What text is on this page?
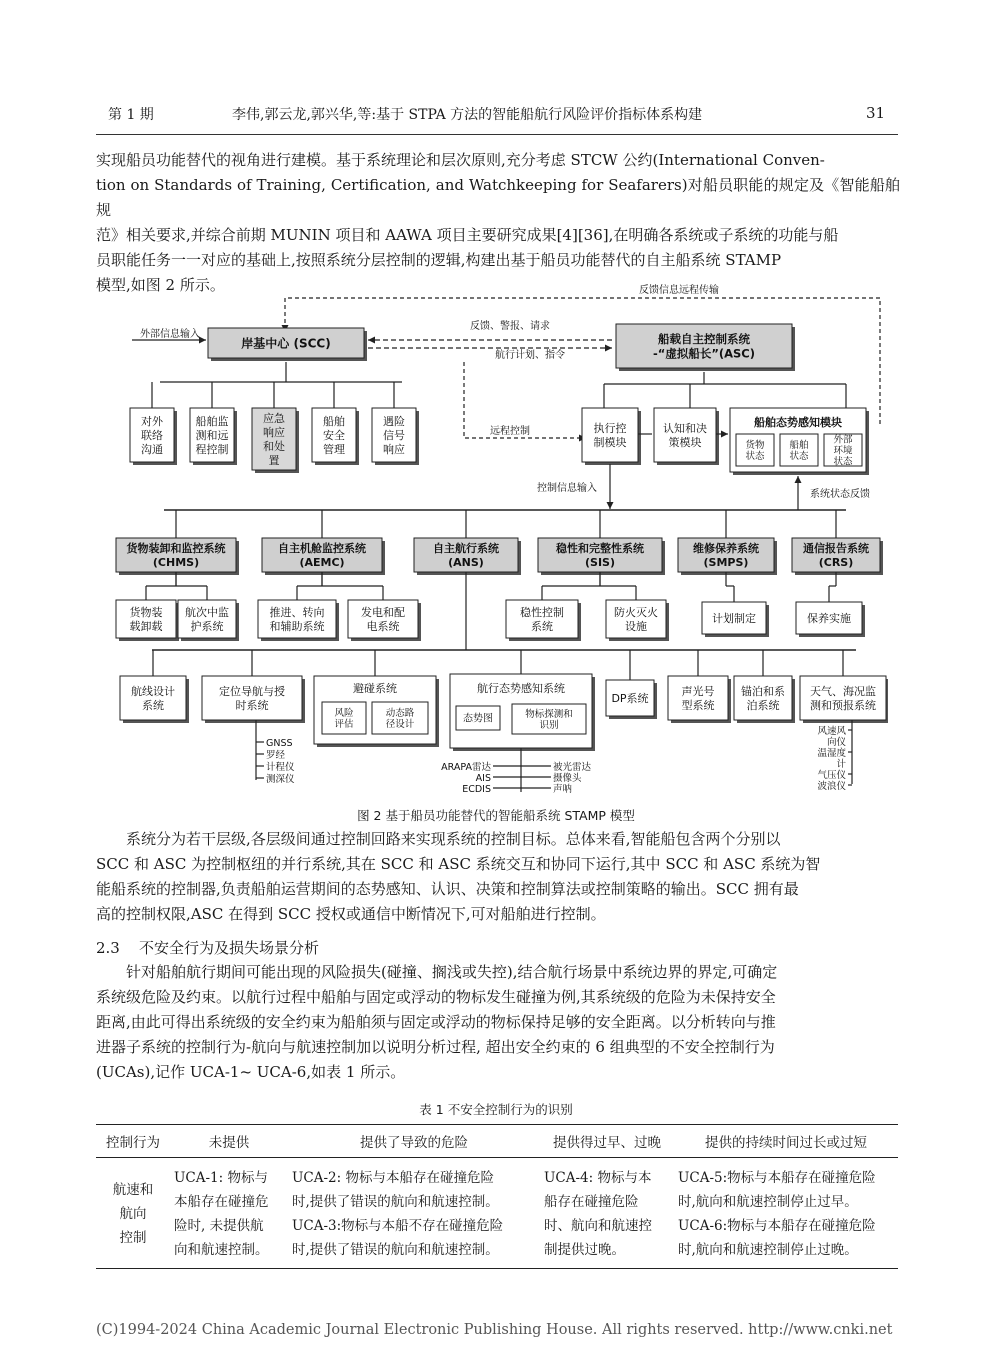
第 1 期	李伟,郭云龙,郭兴华,等:基于 STPA 方法的智能船航行风险评价指标体系构建	31

实现船员功能替代的视角进行建模。基于系统理论和层次原则,充分考虑 STCW 公约(International Conven-

tion on Standards of Training, Certification, and Watchkeeping for Seafarers)对船员职能的规定及《智能船舶规

范》相关要求,并综合前期 MUNIN 项目和 AAWA 项目主要研究成果[4][36],在明确各系统或子系统的功能与船

员职能任务一一对应的基础上,按照系统分层控制的逻辑,构建出基于船员功能替代的自主船系统 STAMP

模型,如图 2 所示。	反馈信息远程传输
外部信息输入
岸基中心 (SCC)	船载自主控制系统
-“虚拟船长”(ASC)
反馈、警报、请求
航行计划、指令
远程控制
对外
联络
沟通
船舶监
测和远
程控制
应急
响应
和处
置
船舶
安全
管理
遇险
信号
响应
执行控
制模块
认知和决
策模块
船舶态势感知模块
货物
状态
船舶
状态
外部
环境
状态
控制信息输入
系统状态反馈
货物装卸和监控系统
(CHMS)
自主机舱监控系统
(AEMC)
自主航行系统
(ANS)
稳性和完整性系统
(SIS)
维修保养系统
(SMPS)
通信报告系统
(CRS)
货物装
载卸载
航次中监
护系统
推进、转向
和辅助系统
发电和配
电系统
稳性控制
系统
防火灭火
设施
计划制定	保养实施
航线设计
系统
定位导航与授
时系统
避碰系统
风险
评估
动态路
径设计
航行态势感知系统
态势图	物标探测和
识别
DP系统
声光号
型系统
锚泊和系
泊系统
天气、海况监
测和预报系统
GNSS
罗经
计程仪
测深仪
ARAPA雷达
AIS
ECDIS
被光雷达
摄像头
声呐
风速风
向仪
温湿度
计
气压仪
波浪仪
图 2 基于船员功能替代的智能船系统 STAMP 模型

系统分为若干层级,各层级间通过控制回路来实现系统的控制目标。总体来看,智能船包含两个分别以

SCC 和 ASC 为控制枢纽的并行系统,其在 SCC 和 ASC 系统交互和协同下运行,其中 SCC 和 ASC 系统为智

能船系统的控制器,负责船舶运营期间的态势感知、认识、决策和控制算法或控制策略的输出。SCC 拥有最

高的控制权限,ASC 在得到 SCC 授权或通信中断情况下,可对船舶进行控制。

2.3 不安全行为及损失场景分析

针对船舶航行期间可能出现的风险损失(碰撞、搁浅或失控),结合航行场景中系统边界的界定,可确定

系统级危险及约束。以航行过程中船舶与固定或浮动的物标发生碰撞为例,其系统级的危险为未保持安全

距离,由此可得出系统级的安全约束为船舶须与固定或浮动的物标保持足够的安全距离。以分析转向与推

进器子系统的控制行为-航向与航速控制加以说明分析过程, 超出安全约束的 6 组典型的不安全控制行为

(UCAs),记作 UCA-1~ UCA-6,如表 1 所示。

表 1 不安全控制行为的识别
控制行为	未提供	提供了导致的危险	提供得过早、过晚	提供的持续时间过长或过短

航速和
航向
控制	UCA-1: 物标与
本船存在碰撞危
险时, 未提供航
向和航速控制。	UCA-2: 物标与本船存在碰撞危险
时,提供了错误的航向和航速控制。
UCA-3:物标与本船不存在碰撞危险
时,提供了错误的航向和航速控制。	UCA-4: 物标与本
船存在碰撞危险
时、航向和航速控
制提供过晚。	UCA-5:物标与本船存在碰撞危险
时,航向和航速控制停止过早。
UCA-6:物标与本船存在碰撞危险
时,航向和航速控制停止过晚。
(C)1994-2024 China Academic Journal Electronic Publishing House. All rights reserved. http://www.cnki.net
